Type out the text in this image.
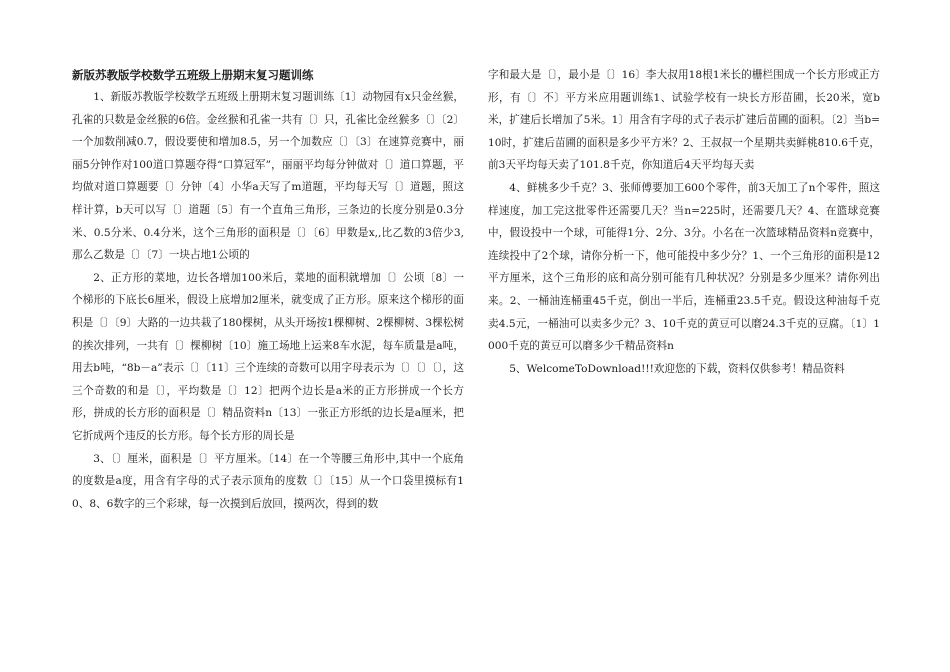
新版苏教版学校数学五班级上册期末复习题训练

1、新版苏教版学校数学五班级上册期末复习题训练〔1〕动物园有x只金丝猴，孔雀的只数是金丝猴的6倍。金丝猴和孔雀一共有〔〕只，孔雀比金丝猴多〔〕〔2〕一个加数削减0.7，假设要使和增加8.5，另一个加数应〔〕〔3〕在速算竞赛中，丽丽5分钟作对100道口算题夺得“口算冠军”，丽丽平均每分钟做对〔〕道口算题，平均做对道口算题要〔〕分钟〔4〕小华a天写了m道题，平均每天写〔〕道题，照这样计算，b天可以写〔〕道题〔5〕有一个直角三角形，三条边的长度分别是0.3分米、0.5分米、0.4分米，这个三角形的面积是〔〕〔6〕甲数是x,,比乙数的3倍少3,那么乙数是〔〕〔7〕一块占地1公顷的

2、正方形的菜地，边长各增加100米后，菜地的面积就增加〔〕公顷〔8〕一个梯形的下底长6厘米，假设上底增加2厘米，就变成了正方形。原来这个梯形的面积是〔〕〔9〕大路的一边共栽了180棵树，从头开场按1棵柳树、2棵柳树、3棵松树的挨次排列，一共有〔〕棵柳树〔10〕施工场地上运来8车水泥，每车质量是a吨，用去b吨，“8b－a”表示〔〕〔11〕三个连续的奇数可以用字母表示为〔〕〔〕〔〕，这三个奇数的和是〔〕，平均数是〔〕12〕把两个边长是a米的正方形拼成一个长方形，拼成的长方形的面积是〔〕精品资料n〔13〕一张正方形纸的边长是a厘米，把它折成两个违反的长方形。每个长方形的周长是

3、〔〕厘米，面积是〔〕平方厘米。〔14〕在一个等腰三角形中,其中一个底角的度数是a度，用含有字母的式子表示顶角的度数〔〕〔15〕从一个口袋里摸标有10、8、6数字的三个彩球，每一次摸到后放回，摸两次，得到的数

字和最大是〔〕，最小是〔〕16〕李大叔用18根1米长的栅栏围成一个长方形或正方形，有〔〕不〕平方米应用题训练1、试验学校有一块长方形苗圃，长20米，宽b米，扩建后长增加了5米。1〕用含有字母的式子表示扩建后苗圃的面积。〔2〕当b=10时，扩建后苗圃的面积是多少平方米？2、王叔叔一个星期共卖鲜桃810.6千克，前3天平均每天卖了101.8千克，你知道后4天平均每天卖

4、鲜桃多少千克？3、张师傅要加工600个零件，前3天加工了n个零件，照这样速度，加工完这批零件还需要几天？当n=225时，还需要几天？4、在篮球竞赛中，假设投中一个球，可能得1分、2分、3分。小名在一次篮球精品资料n竞赛中，连续投中了2个球，请你分析一下，他可能投中多少分？1、一个三角形的面积是12平方厘米，这个三角形的底和高分别可能有几种状况？分别是多少厘米？请你列出来。2、一桶油连桶重45千克，倒出一半后，连桶重23.5千克。假设这种油每千克卖4.5元，一桶油可以卖多少元？3、10千克的黄豆可以磨24.3千克的豆腐。〔1〕1000千克的黄豆可以磨多少千精品资料n

5、WelcomeToDownload!!!欢迎您的下载，资料仅供参考！精品资料
